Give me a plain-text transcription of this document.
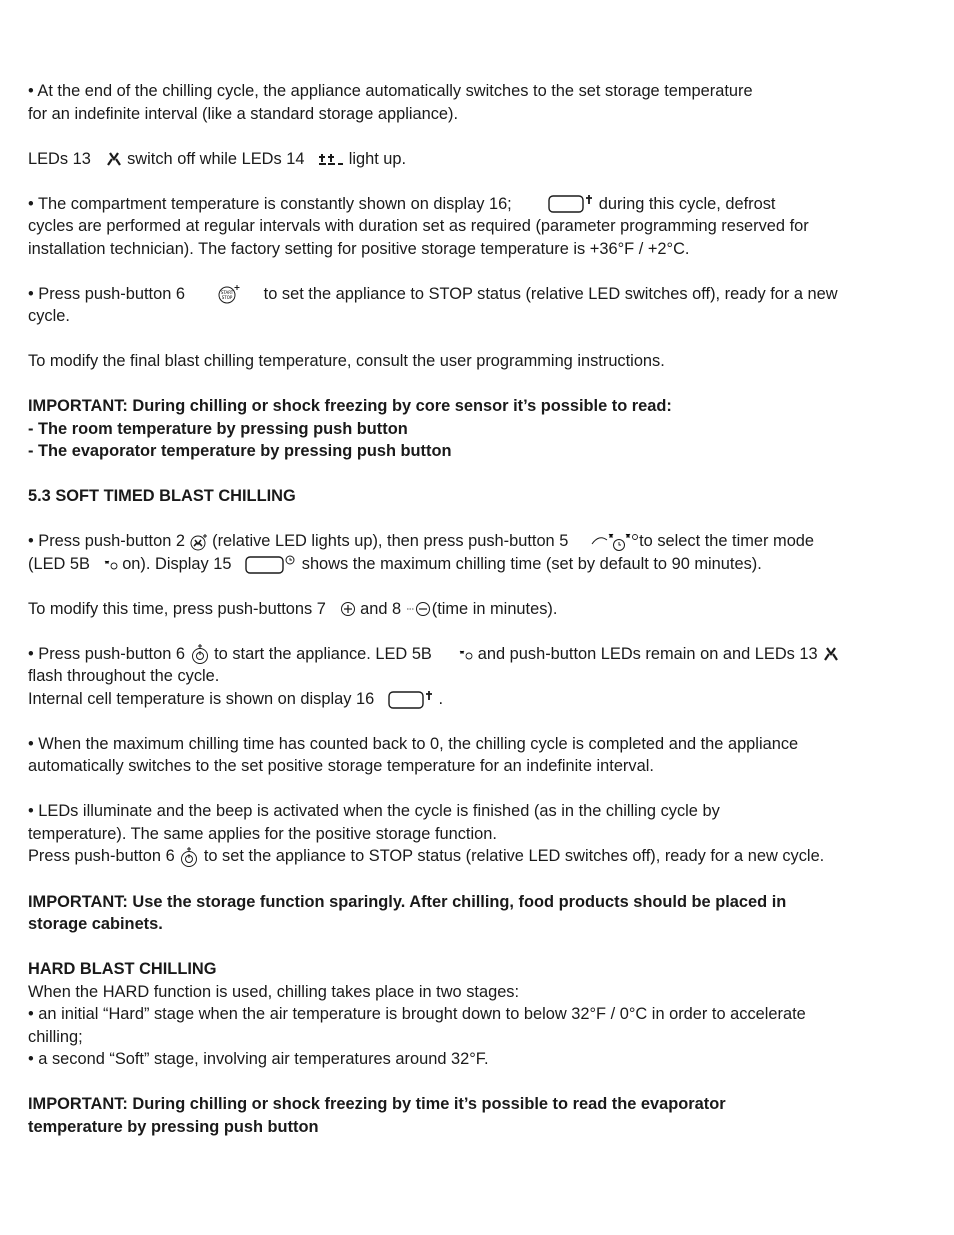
• At the end of the chilling cycle, the appliance automatically switches to the set storage temperature
for an indefinite interval (like a standard storage appliance).

LEDs 13 switch off while LEDs 14	light up.

• The compartment temperature is constantly shown on display 16;	during this cycle, defrost
cycles are performed at regular intervals with duration set as required (parameter programming reserved for
installation technician). The factory setting for positive storage temperature is +36°F / +2°C.

• Press push-button 6	START
STOP to set the appliance to STOP status (relative LED switches off), ready for a new
cycle.

To modify the final blast chilling temperature, consult the user programming instructions.

IMPORTANT: During chilling or shock freezing by core sensor it’s possible to read:
- The room temperature by pressing push button
- The evaporator temperature by pressing push button

5.3 SOFT TIMED BLAST CHILLING

• Press push-button 2 (relative LED lights up), then press push-button 5	to select the timer mode
(LED 5B on). Display 15	shows the maximum chilling time (set by default to 90 minutes).

To modify this time, press push-buttons 7 and 8 (time in minutes).

• Press push-button 6 to start the appliance. LED 5B	and push-button LEDs remain on and LEDs 13

flash throughout the cycle.
Internal cell temperature is shown on display 16	.

• When the maximum chilling time has counted back to 0, the chilling cycle is completed and the appliance
automatically switches to the set positive storage temperature for an indefinite interval.

• LEDs illuminate and the beep is activated when the cycle is finished (as in the chilling cycle by
temperature). The same applies for the positive storage function.
Press push-button 6 to set the appliance to STOP status (relative LED switches off), ready for a new cycle.

IMPORTANT: Use the storage function sparingly. After chilling, food products should be placed in
storage cabinets.

HARD BLAST CHILLING
When the HARD function is used, chilling takes place in two stages:
• an initial “Hard” stage when the air temperature is brought down to below 32°F / 0°C in order to accelerate
chilling;
• a second “Soft” stage, involving air temperatures around 32°F.

IMPORTANT: During chilling or shock freezing by time it’s possible to read the evaporator
temperature by pressing push button
